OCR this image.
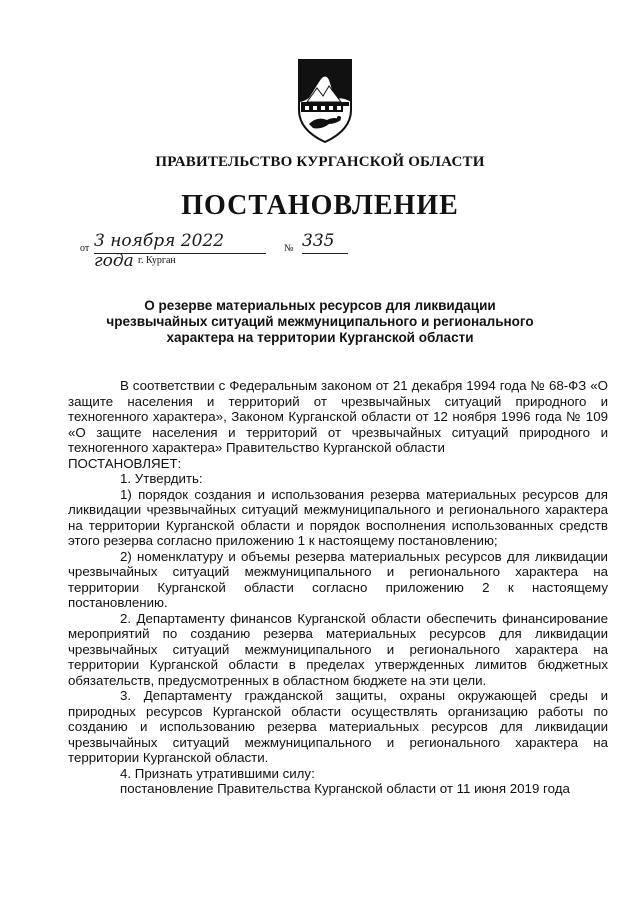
ПРАВИТЕЛЬСТВО КУРГАНСКОЙ ОБЛАСТИ
ПОСТАНОВЛЕНИЕ
от 3 ноября 2022 года
№ 335
г. Курган
О резерве материальных ресурсов для ликвидации
чрезвычайных ситуаций межмуниципального и регионального
характера на территории Курганской области

В соответствии с Федеральным законом от 21 декабря 1994 года № 68-ФЗ «О защите населения и территорий от чрезвычайных ситуаций природного и техногенного характера», Законом Курганской области от 12 ноября 1996 года № 109 «О защите населения и территорий от чрезвычайных ситуаций природного и техногенного характера» Правительство Курганской области

ПОСТАНОВЛЯЕТ:

1. Утвердить:

1) порядок создания и использования резерва материальных ресурсов для ликвидации чрезвычайных ситуаций межмуниципального и регионального характера на территории Курганской области и порядок восполнения использованных средств этого резерва согласно приложению 1 к настоящему постановлению;

2) номенклатуру и объемы резерва материальных ресурсов для ликвидации чрезвычайных ситуаций межмуниципального и регионального характера на территории Курганской области согласно приложению 2 к настоящему постановлению.

2. Департаменту финансов Курганской области обеспечить финансирование мероприятий по созданию резерва материальных ресурсов для ликвидации чрезвычайных ситуаций межмуниципального и регионального характера на территории Курганской области в пределах утвержденных лимитов бюджетных обязательств, предусмотренных в областном бюджете на эти цели.

3. Департаменту гражданской защиты, охраны окружающей среды и природных ресурсов Курганской области осуществлять организацию работы по созданию и использованию резерва материальных ресурсов для ликвидации чрезвычайных ситуаций межмуниципального и регионального характера на территории Курганской области.

4. Признать утратившими силу:

постановление Правительства Курганской области от 11 июня 2019 года
